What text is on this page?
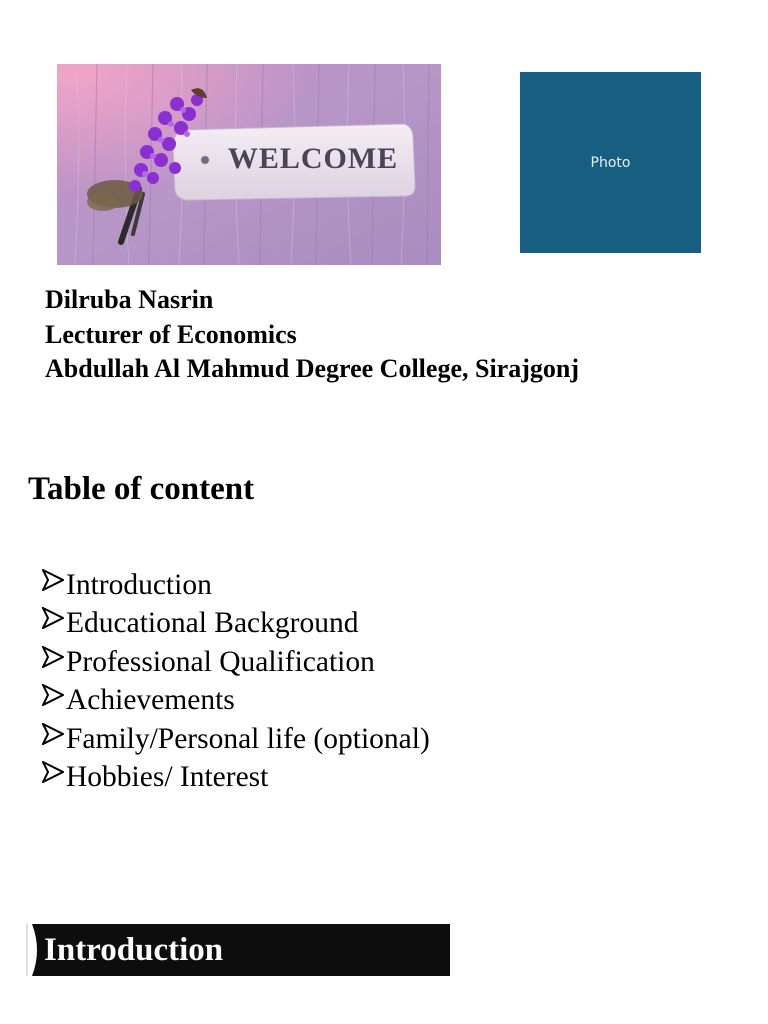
WELCOME	Photo
Dilruba Nasrin
Lecturer of Economics
Abdullah Al Mahmud Degree College, Sirajgonj
Table of content
Introduction
Educational Background
Professional Qualification
Achievements
Family/Personal life (optional)
Hobbies/ Interest
Introduction
